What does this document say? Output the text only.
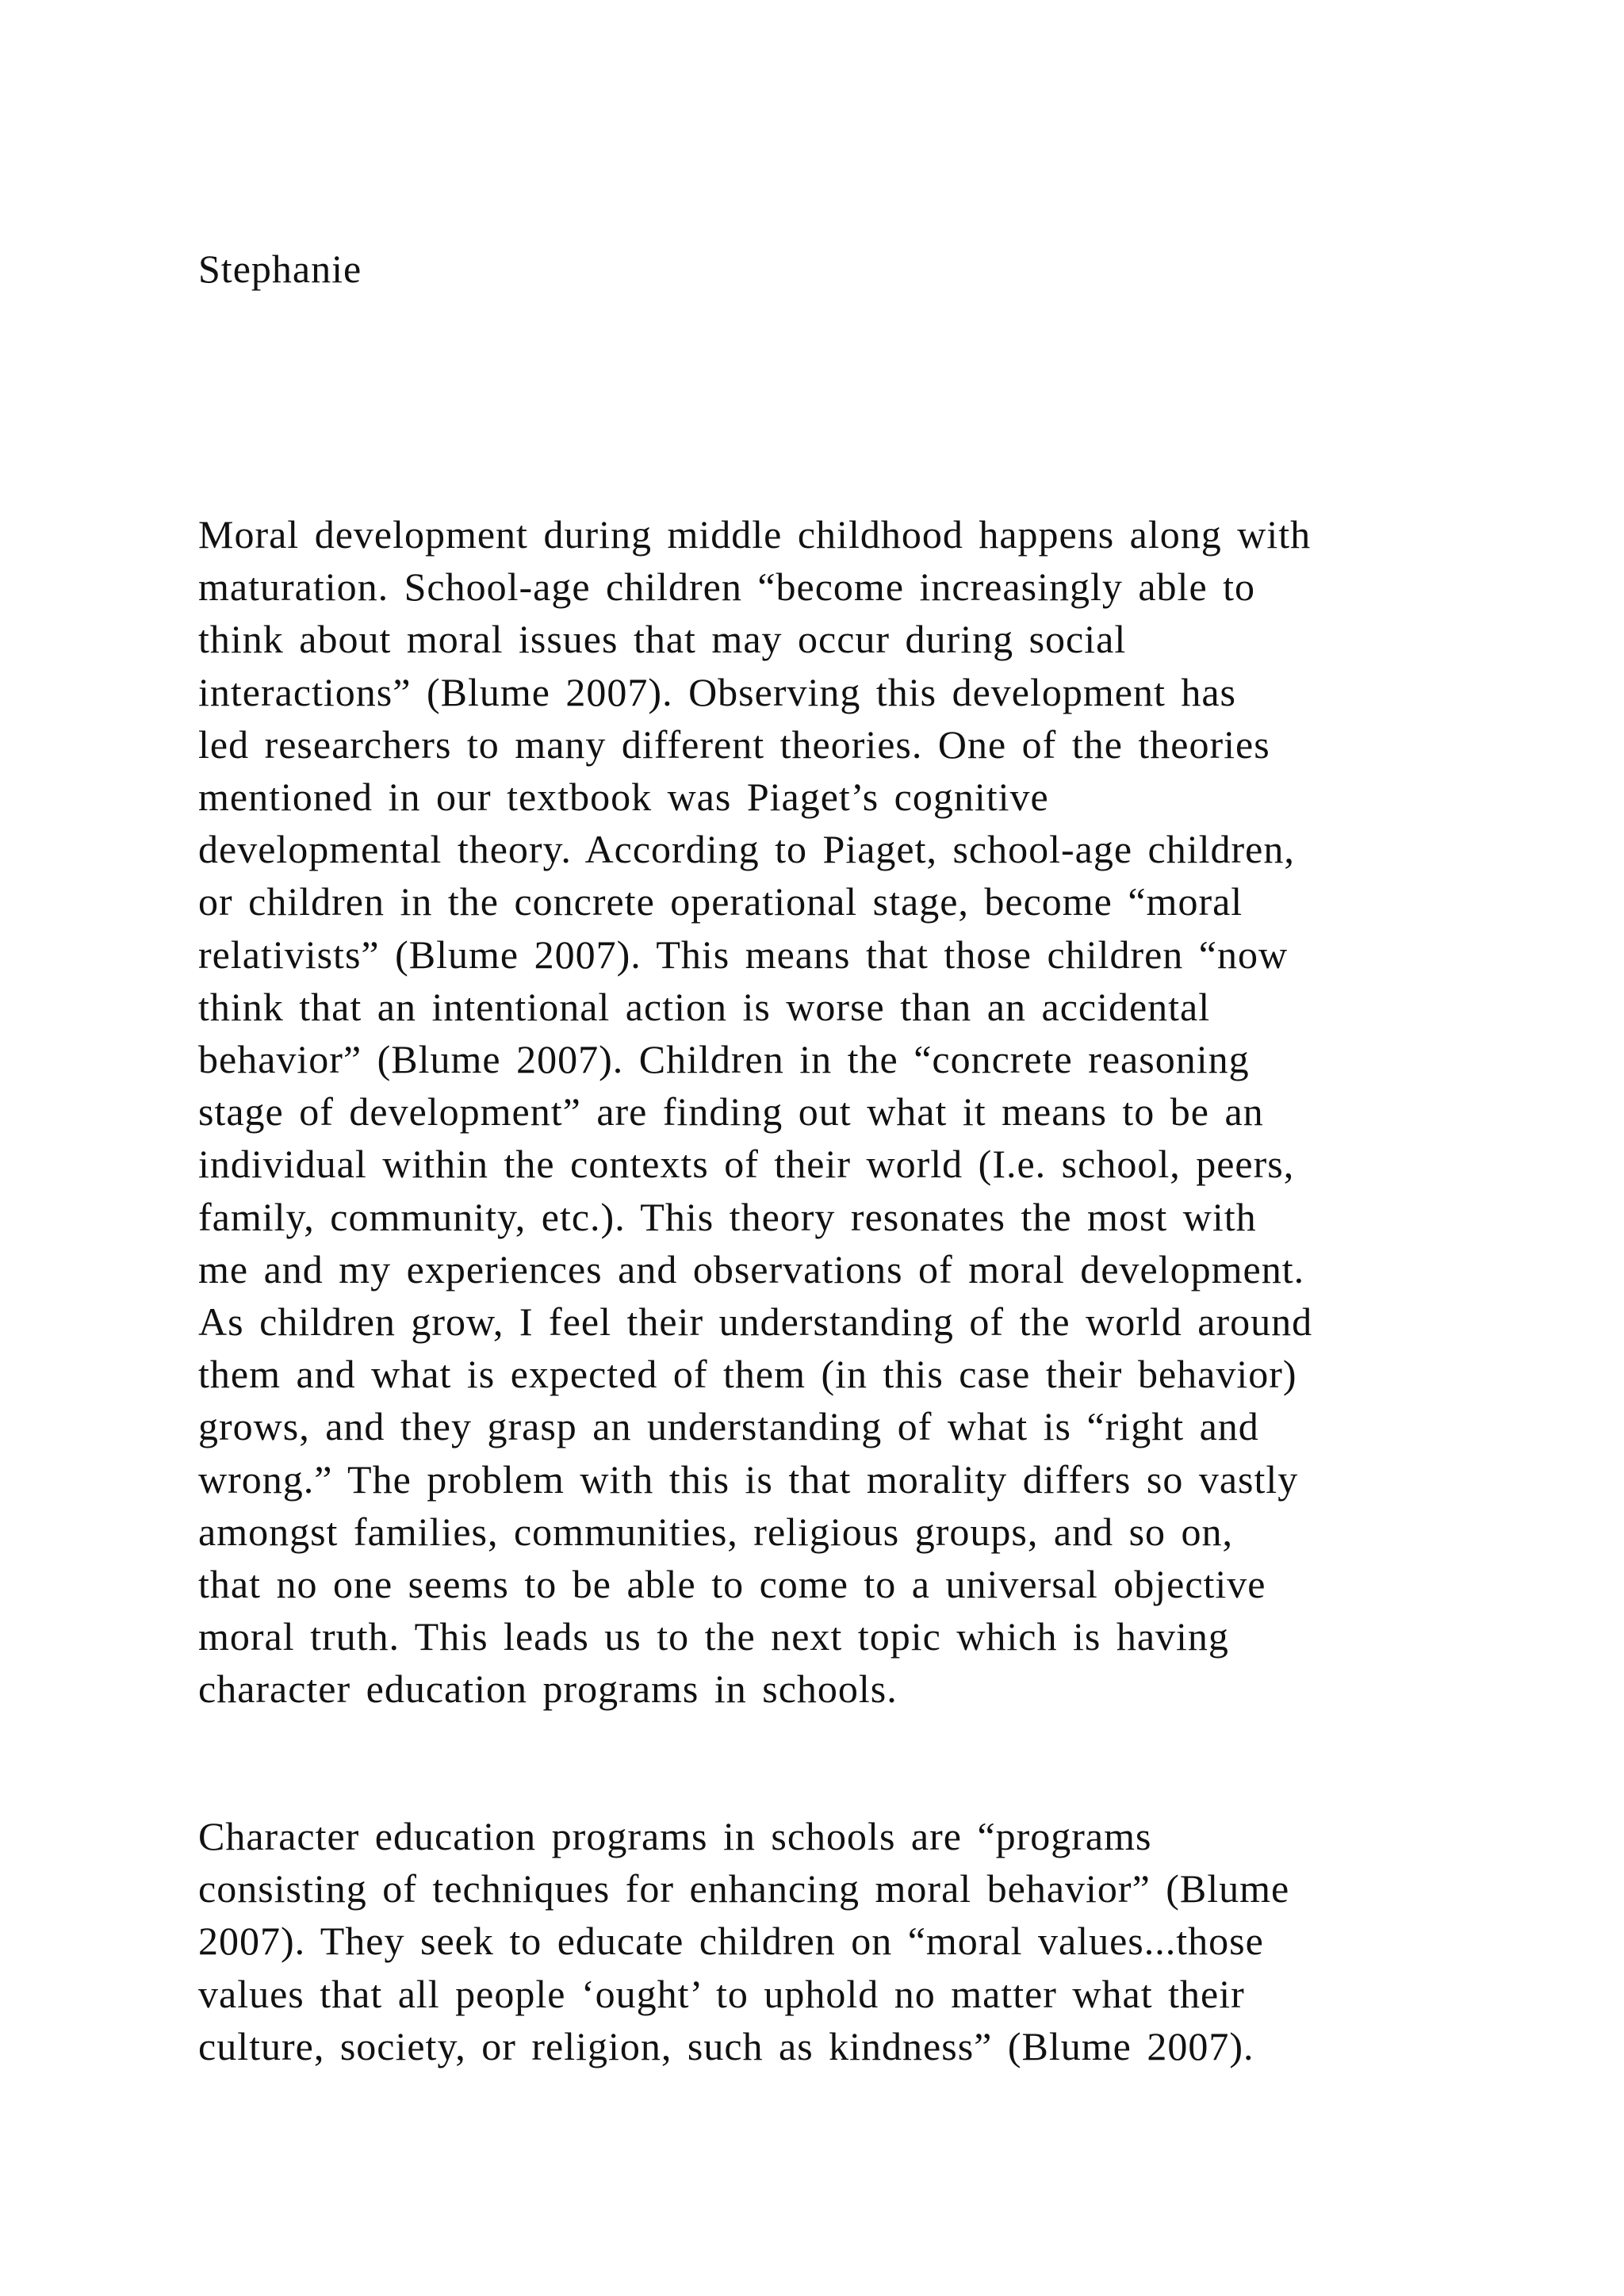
Stephanie

Moral development during middle childhood happens along with
maturation. School-age children “become increasingly able to
think about moral issues that may occur during social
interactions” (Blume 2007). Observing this development has
led researchers to many different theories. One of the theories
mentioned in our textbook was Piaget’s cognitive
developmental theory. According to Piaget, school-age children,
or children in the concrete operational stage, become “moral
relativists” (Blume 2007). This means that those children “now
think that an intentional action is worse than an accidental
behavior” (Blume 2007). Children in the “concrete reasoning
stage of development” are finding out what it means to be an
individual within the contexts of their world (I.e. school, peers,
family, community, etc.). This theory resonates the most with
me and my experiences and observations of moral development.
As children grow, I feel their understanding of the world around
them and what is expected of them (in this case their behavior)
grows, and they grasp an understanding of what is “right and
wrong.” The problem with this is that morality differs so vastly
amongst families, communities, religious groups, and so on,
that no one seems to be able to come to a universal objective
moral truth. This leads us to the next topic which is having
character education programs in schools.

Character education programs in schools are “programs
consisting of techniques for enhancing moral behavior” (Blume
2007). They seek to educate children on “moral values...those
values that all people ‘ought’ to uphold no matter what their
culture, society, or religion, such as kindness” (Blume 2007).
